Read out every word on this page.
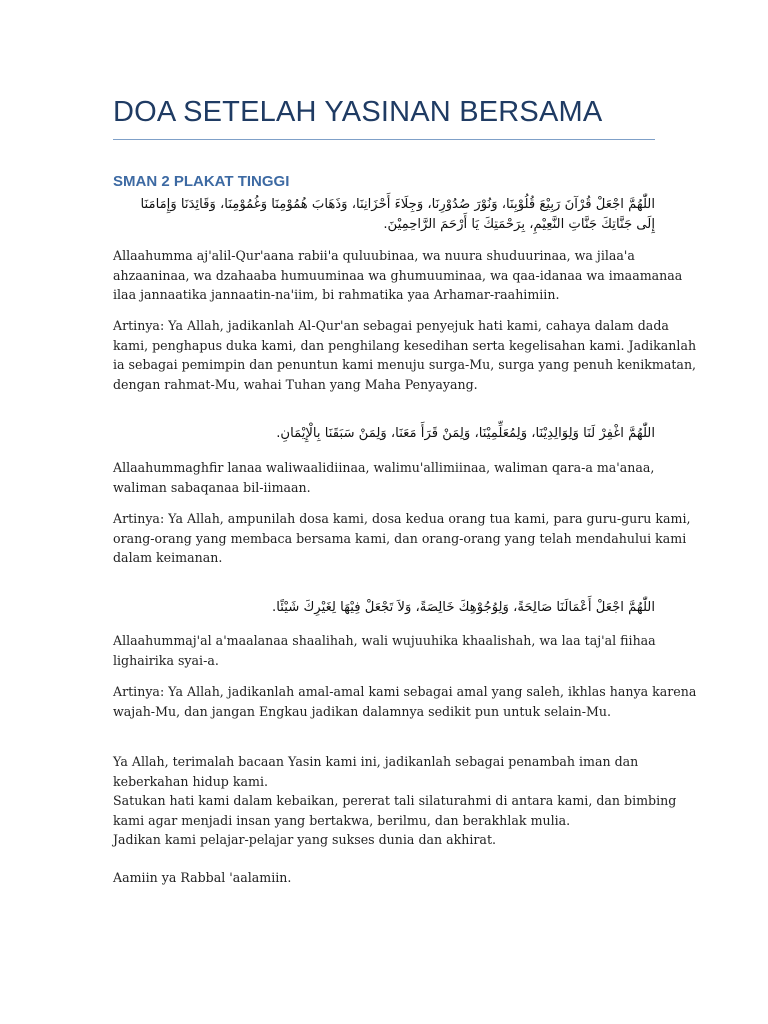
DOA SETELAH YASINAN BERSAMA
SMAN 2 PLAKAT TINGGI
اللّٰهُمَّ اجْعَلْ قُرْآنَ رَبِيْعَ قُلُوْبِنَا، وَنُوْرَ صُدُوْرِنَا، وَجِلَاءَ أَحْزَانِنَا، وَذَهَابَ هُمُوْمِنَا وَغُمُوْمِنَا، وَقَائِدَنَا وَإِمَامَنَا
إِلَى جَنَّاتِكَ جَنَّاتِ النَّعِيْمِ، بِرَحْمَتِكَ يَا أَرْحَمَ الرَّاحِمِيْنَ.

Allaahumma aj'alil-Qur'aana rabii'a quluubinaa, wa nuura shuduurinaa, wa jilaa'a
ahzaaninaa, wa dzahaaba humuuminaa wa ghumuuminaa, wa qaa-idanaa wa imaamanaa
ilaa jannaatika jannaatin-na'iim, bi rahmatika yaa Arhamar-raahimiin.

Artinya: Ya Allah, jadikanlah Al-Qur'an sebagai penyejuk hati kami, cahaya dalam dada
kami, penghapus duka kami, dan penghilang kesedihan serta kegelisahan kami. Jadikanlah
ia sebagai pemimpin dan penuntun kami menuju surga-Mu, surga yang penuh kenikmatan,
dengan rahmat-Mu, wahai Tuhan yang Maha Penyayang.

اللّٰهُمَّ اغْفِرْ لَنَا وَلِوَالِدِيْنَا، وَلِمُعَلِّمِيْنَا، وَلِمَنْ قَرَأَ مَعَنَا، وَلِمَنْ سَبَقَنَا بِالْإِيْمَانِ.

Allaahummaghfir lanaa waliwaalidiinaa, walimu'allimiinaa, waliman qara-a ma'anaa,
waliman sabaqanaa bil-iimaan.

Artinya: Ya Allah, ampunilah dosa kami, dosa kedua orang tua kami, para guru-guru kami,
orang-orang yang membaca bersama kami, dan orang-orang yang telah mendahului kami
dalam keimanan.

اللّٰهُمَّ اجْعَلْ أَعْمَالَنَا صَالِحَةً، وَلِوُجُوْهِكَ خَالِصَةً، وَلاَ تَجْعَلْ فِيْهَا لِغَيْرِكَ شَيْئًا.

Allaahummaj'al a'maalanaa shaalihah, wali wujuuhika khaalishah, wa laa taj'al fiihaa
lighairika syai-a.

Artinya: Ya Allah, jadikanlah amal-amal kami sebagai amal yang saleh, ikhlas hanya karena
wajah-Mu, dan jangan Engkau jadikan dalamnya sedikit pun untuk selain-Mu.

Ya Allah, terimalah bacaan Yasin kami ini, jadikanlah sebagai penambah iman dan
keberkahan hidup kami.
Satukan hati kami dalam kebaikan, pererat tali silaturahmi di antara kami, dan bimbing
kami agar menjadi insan yang bertakwa, berilmu, dan berakhlak mulia.
Jadikan kami pelajar-pelajar yang sukses dunia dan akhirat.

Aamiin ya Rabbal 'aalamiin.
